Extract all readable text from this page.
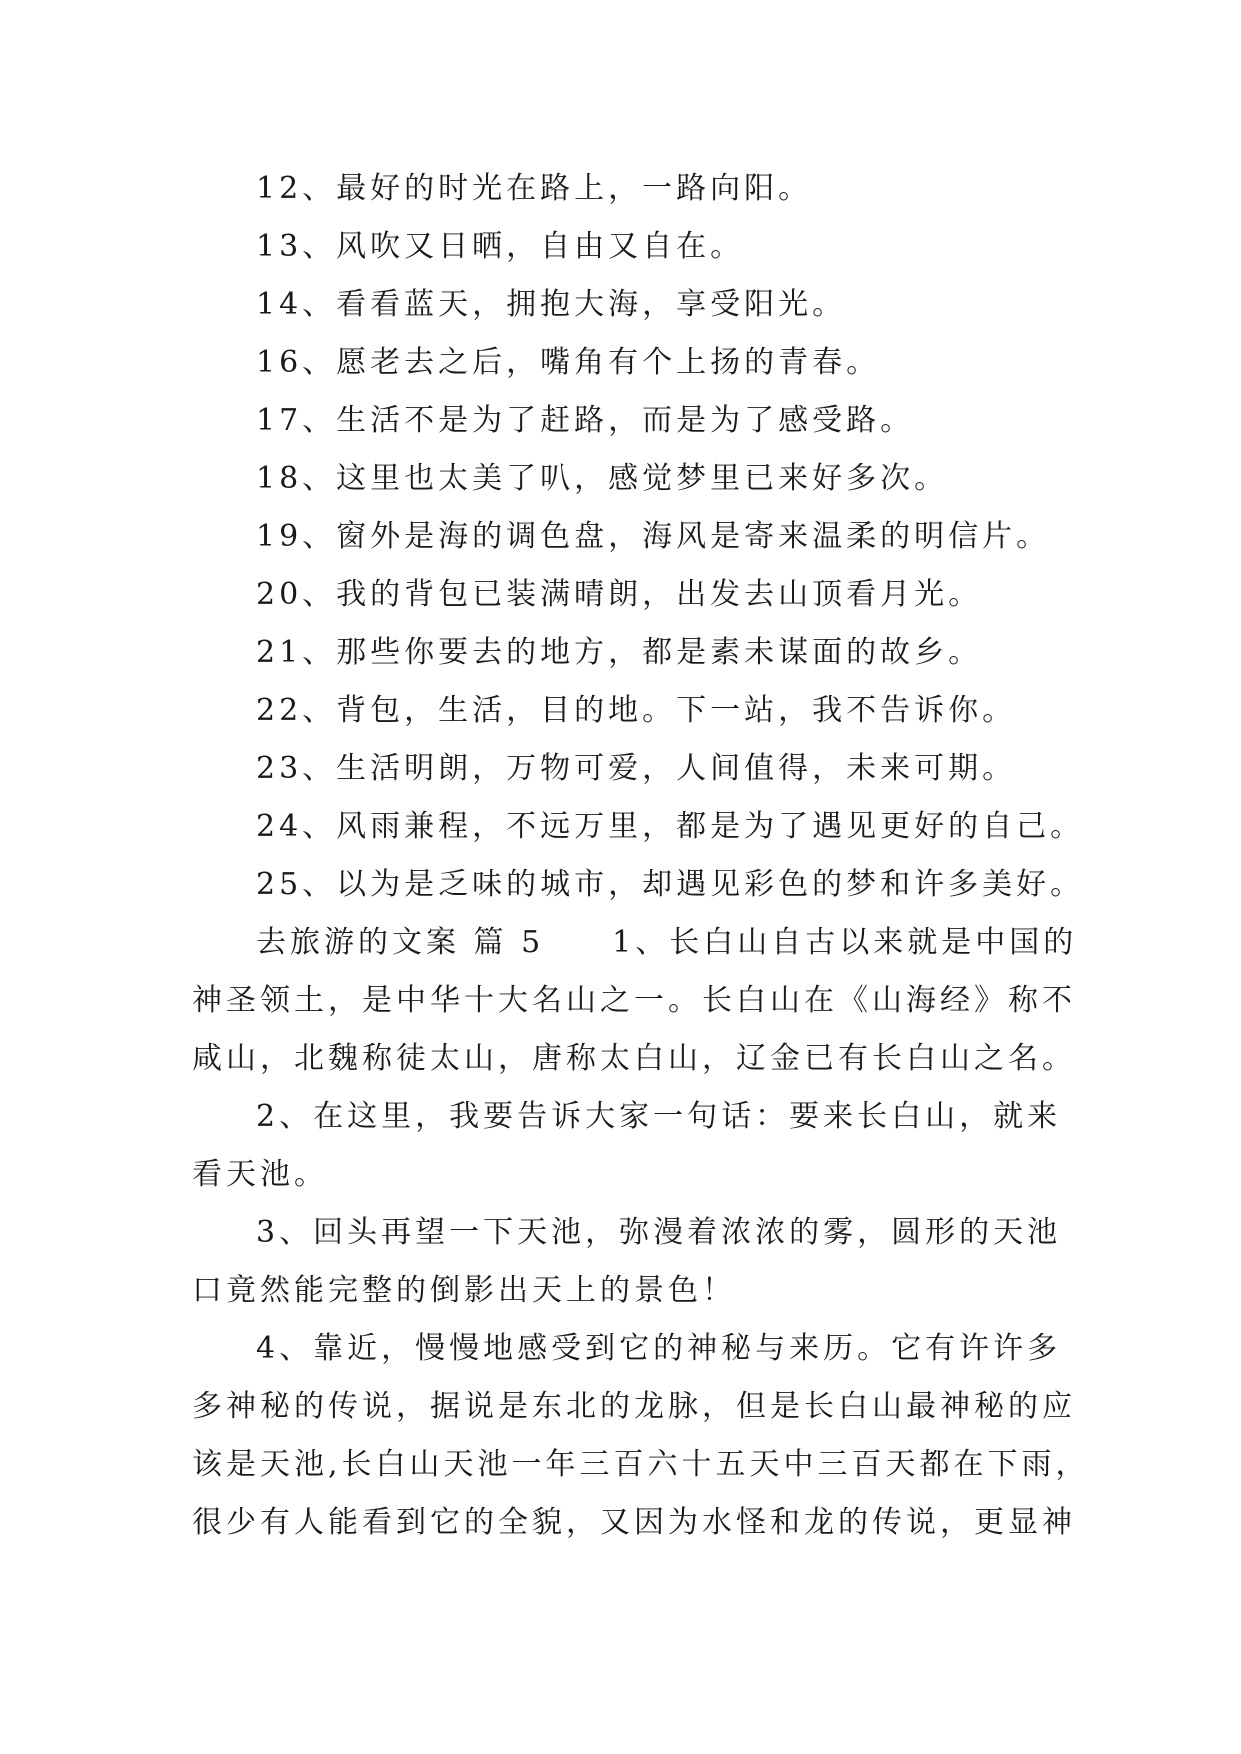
12、最好的时光在路上，一路向阳。
13、风吹又日晒，自由又自在。
14、看看蓝天，拥抱大海，享受阳光。
16、愿老去之后，嘴角有个上扬的青春。
17、生活不是为了赶路，而是为了感受路。
18、这里也太美了叭，感觉梦里已来好多次。
19、窗外是海的调色盘，海风是寄来温柔的明信片。
20、我的背包已装满晴朗，出发去山顶看月光。
21、那些你要去的地方，都是素未谋面的故乡。
22、背包，生活，目的地。下一站，我不告诉你。
23、生活明朗，万物可爱，人间值得，未来可期。
24、风雨兼程，不远万里，都是为了遇见更好的自己。
25、以为是乏味的城市，却遇见彩色的梦和许多美好。
去旅游的文案 篇 5　　1、长白山自古以来就是中国的
神圣领土，是中华十大名山之一。长白山在《山海经》称不
咸山，北魏称徒太山，唐称太白山，辽金已有长白山之名。
2、在这里，我要告诉大家一句话：要来长白山，就来
看天池。
3、回头再望一下天池，弥漫着浓浓的雾，圆形的天池
口竟然能完整的倒影出天上的景色！
4、靠近，慢慢地感受到它的神秘与来历。它有许许多
多神秘的传说，据说是东北的龙脉，但是长白山最神秘的应
该是天池,长白山天池一年三百六十五天中三百天都在下雨，
很少有人能看到它的全貌，又因为水怪和龙的传说，更显神
